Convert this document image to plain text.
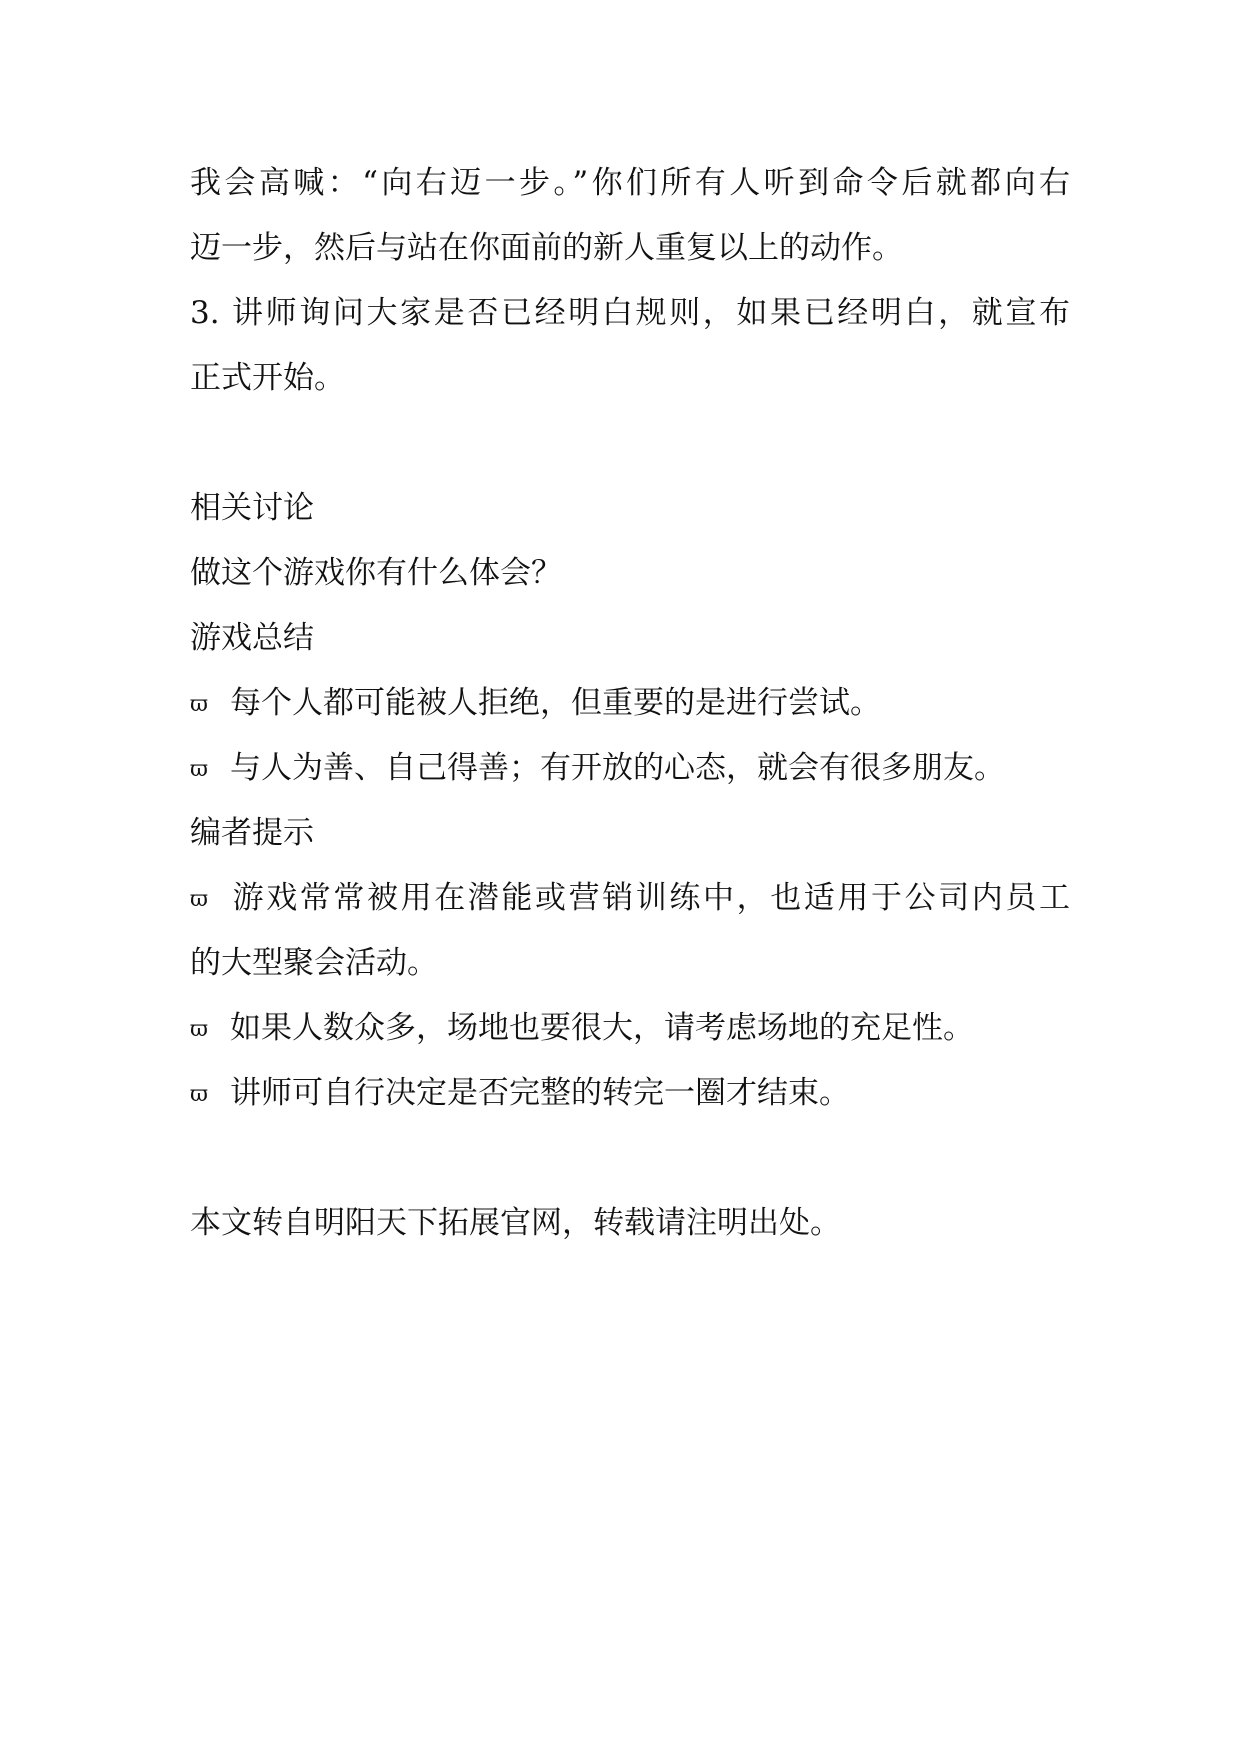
我会高喊：“向右迈一步。”你们所有人听到命令后就都向右
迈一步，然后与站在你面前的新人重复以上的动作。
3. 讲师询问大家是否已经明白规则，如果已经明白，就宣布
正式开始。
相关讨论
做这个游戏你有什么体会？
游戏总结
ϖ 每个人都可能被人拒绝，但重要的是进行尝试。
ϖ 与人为善、自己得善；有开放的心态，就会有很多朋友。
编者提示
ϖ 游戏常常被用在潜能或营销训练中，也适用于公司内员工
的大型聚会活动。
ϖ 如果人数众多，场地也要很大，请考虑场地的充足性。
ϖ 讲师可自行决定是否完整的转完一圈才结束。
本文转自明阳天下拓展官网，转载请注明出处。
